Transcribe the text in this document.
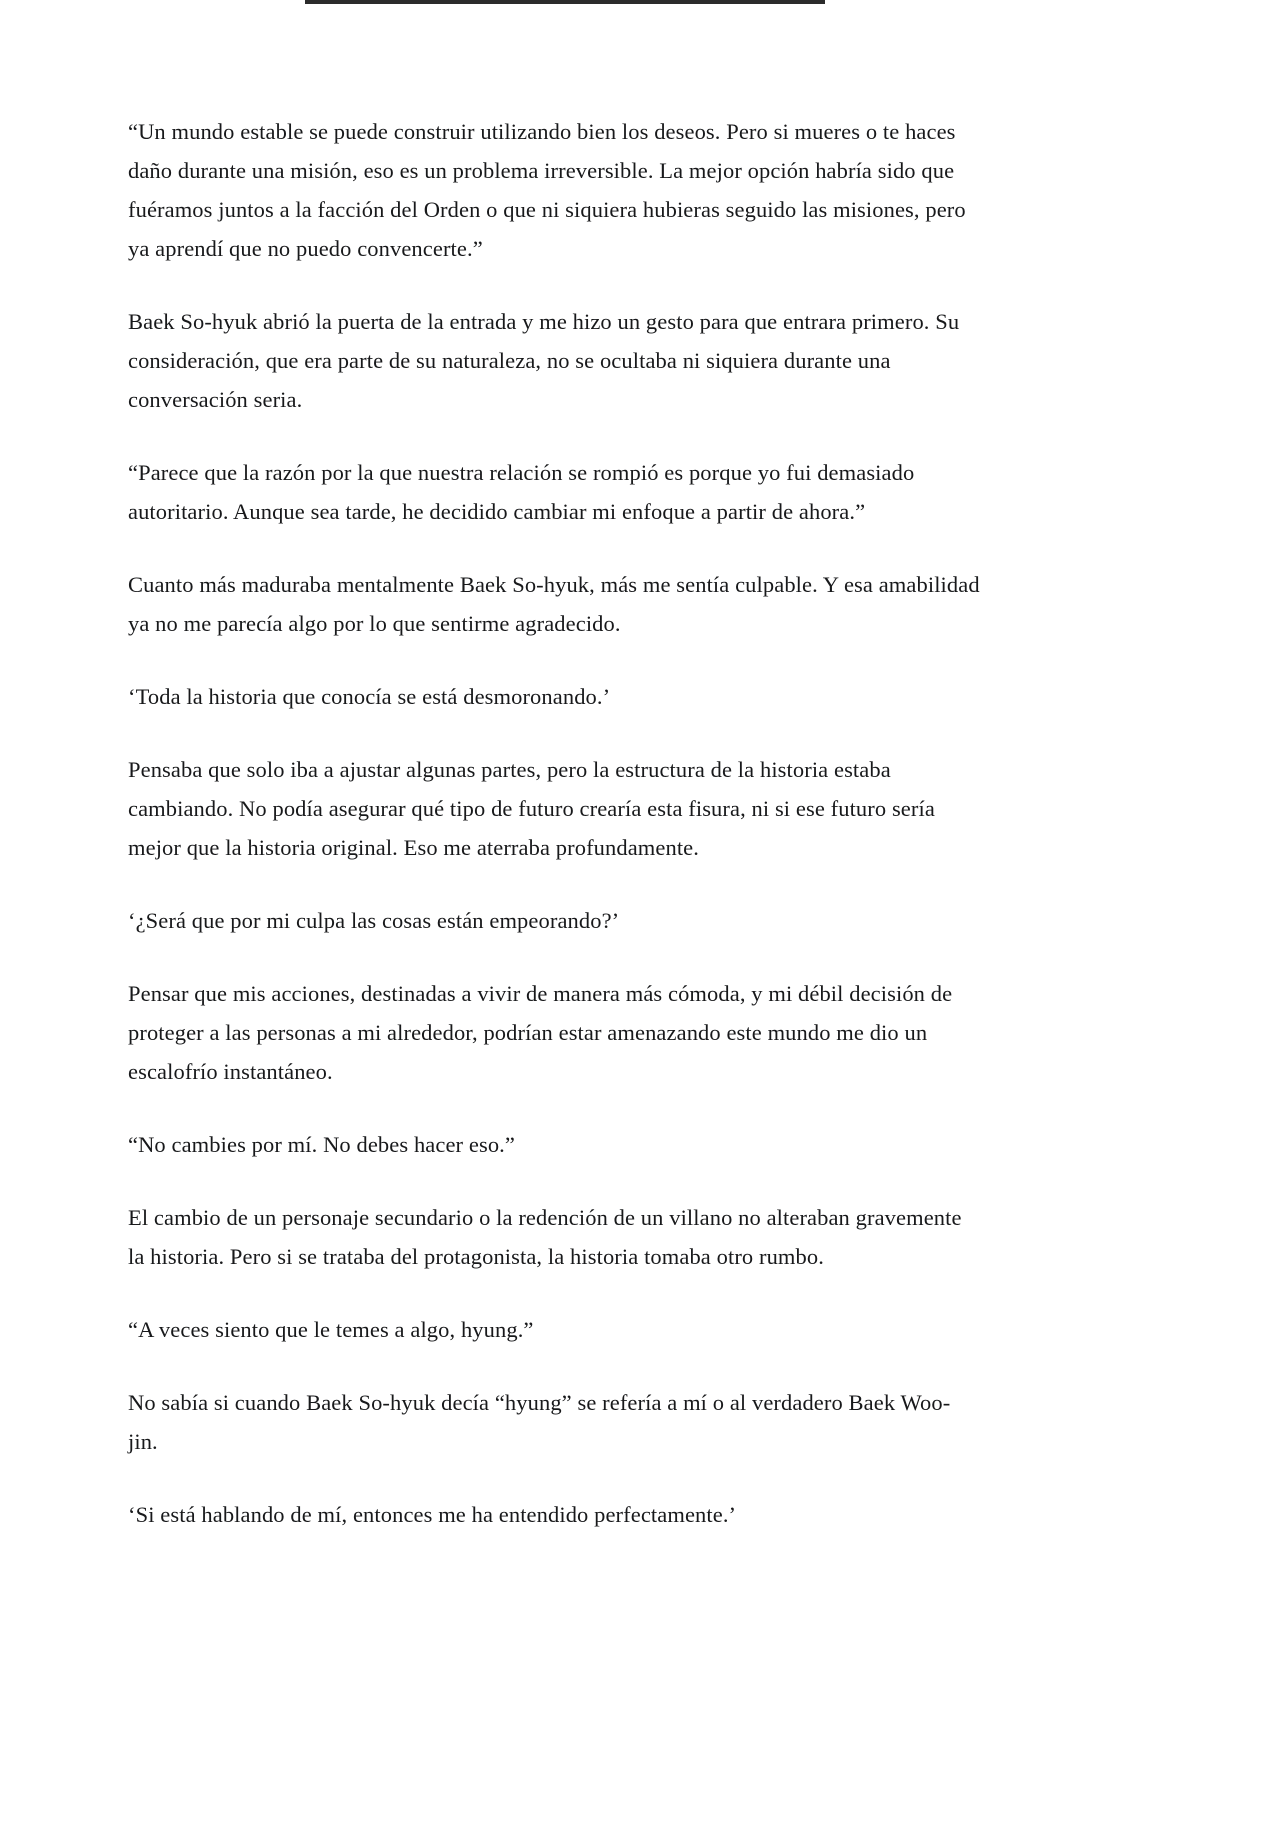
“Un mundo estable se puede construir utilizando bien los deseos. Pero si mueres o te haces daño durante una misión, eso es un problema irreversible. La mejor opción habría sido que fuéramos juntos a la facción del Orden o que ni siquiera hubieras seguido las misiones, pero ya aprendí que no puedo convencerte.”

Baek So-hyuk abrió la puerta de la entrada y me hizo un gesto para que entrara primero. Su consideración, que era parte de su naturaleza, no se ocultaba ni siquiera durante una conversación seria.

“Parece que la razón por la que nuestra relación se rompió es porque yo fui demasiado autoritario. Aunque sea tarde, he decidido cambiar mi enfoque a partir de ahora.”

Cuanto más maduraba mentalmente Baek So-hyuk, más me sentía culpable. Y esa amabilidad ya no me parecía algo por lo que sentirme agradecido.

‘Toda la historia que conocía se está desmoronando.’

Pensaba que solo iba a ajustar algunas partes, pero la estructura de la historia estaba cambiando. No podía asegurar qué tipo de futuro crearía esta fisura, ni si ese futuro sería mejor que la historia original. Eso me aterraba profundamente.

‘¿Será que por mi culpa las cosas están empeorando?’

Pensar que mis acciones, destinadas a vivir de manera más cómoda, y mi débil decisión de proteger a las personas a mi alrededor, podrían estar amenazando este mundo me dio un escalofrío instantáneo.

“No cambies por mí. No debes hacer eso.”

El cambio de un personaje secundario o la redención de un villano no alteraban gravemente la historia. Pero si se trataba del protagonista, la historia tomaba otro rumbo.

“A veces siento que le temes a algo, hyung.”

No sabía si cuando Baek So-hyuk decía “hyung” se refería a mí o al verdadero Baek Woo-jin.

‘Si está hablando de mí, entonces me ha entendido perfectamente.’
